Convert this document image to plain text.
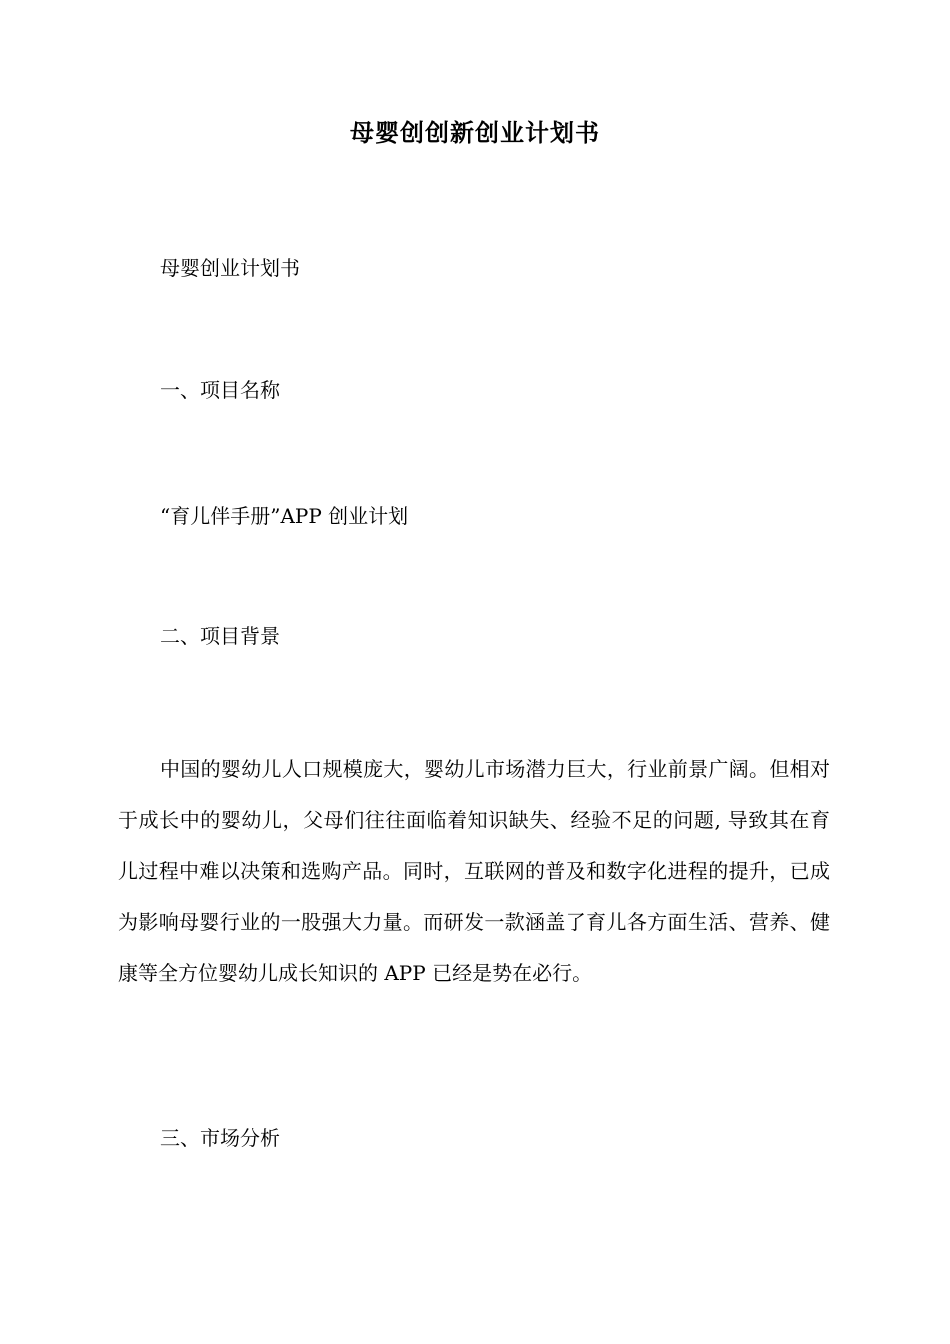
母婴创创新创业计划书
母婴创业计划书
一、项目名称
“育儿伴手册”APP 创业计划
二、项目背景

中国的婴幼儿人口规模庞大，婴幼儿市场潜力巨大，行业前景广阔。但相对于成长中的婴幼儿，父母们往往面临着知识缺失、经验不足的问题, 导致其在育儿过程中难以决策和选购产品。同时，互联网的普及和数字化进程的提升，已成为影响母婴行业的一股强大力量。而研发一款涵盖了育儿各方面生活、营养、健康等全方位婴幼儿成长知识的 APP 已经是势在必行。

三、市场分析
